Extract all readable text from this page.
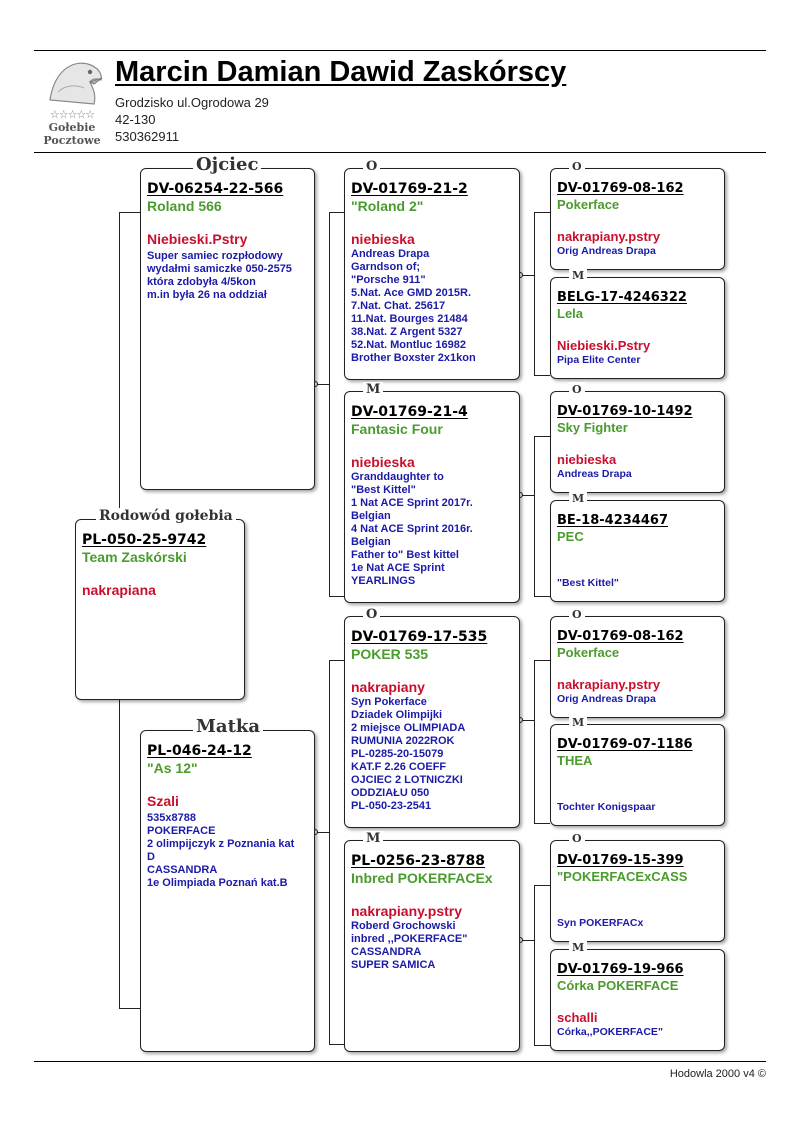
☆☆☆☆☆
Gołebie
Pocztowe
Marcin Damian Dawid Zaskórscy
Grodzisko ul.Ogrodowa 29
42-130
530362911
Rodowód gołebia
PL-050-25-9742
Team Zaskórski
nakrapiana
Ojciec
DV-06254-22-566
Roland 566
Niebieski.Pstry
Super samiec rozpłodowy
wydałmi samiczke 050-2575
która zdobyła 4/5kon
m.in była 26 na oddział
Matka
PL-046-24-12
"As 12"
Szali
535x8788
POKERFACE
2 olimpijczyk z Poznania kat
D
CASSANDRA
1e Olimpiada Poznań kat.B
O
DV-01769-21-2
"Roland 2"
niebieska
Andreas Drapa
Garndson of;
"Porsche 911"
5.Nat. Ace GMD 2015R.
7.Nat. Chat. 25617
11.Nat. Bourges 21484
38.Nat. Z Argent 5327
52.Nat. Montluc 16982
Brother Boxster 2x1kon
M
DV-01769-21-4
Fantasic Four
niebieska
Granddaughter to
"Best Kittel"
1 Nat ACE Sprint 2017r.
Belgian
4 Nat ACE Sprint 2016r.
Belgian
Father to" Best kittel
1e Nat ACE Sprint
YEARLINGS
O
DV-01769-17-535
POKER 535
nakrapiany
Syn Pokerface
Dziadek Olimpijki
2 miejsce OLIMPIADA
RUMUNIA 2022ROK
PL-0285-20-15079
KAT.F 2.26 COEFF
OJCIEC 2 LOTNICZKI
ODDZIAŁU 050
PL-050-23-2541
M
PL-0256-23-8788
Inbred POKERFACEx
nakrapiany.pstry
Roberd Grochowski
inbred ,,POKERFACE"
CASSANDRA
SUPER SAMICA
O
DV-01769-08-162
Pokerface
nakrapiany.pstry
Orig Andreas Drapa
M
BELG-17-4246322
Lela
Niebieski.Pstry
Pipa Elite Center
O
DV-01769-10-1492
Sky Fighter
niebieska
Andreas Drapa
M
BE-18-4234467
PEC
"Best Kittel"
O
DV-01769-08-162
Pokerface
nakrapiany.pstry
Orig Andreas Drapa
M
DV-01769-07-1186
THEA
Tochter Konigspaar
O
DV-01769-15-399
"POKERFACExCASS
Syn POKERFACx
M
DV-01769-19-966
Córka POKERFACE
schalli
Córka,,POKERFACE"
Hodowla 2000 v4 ©
